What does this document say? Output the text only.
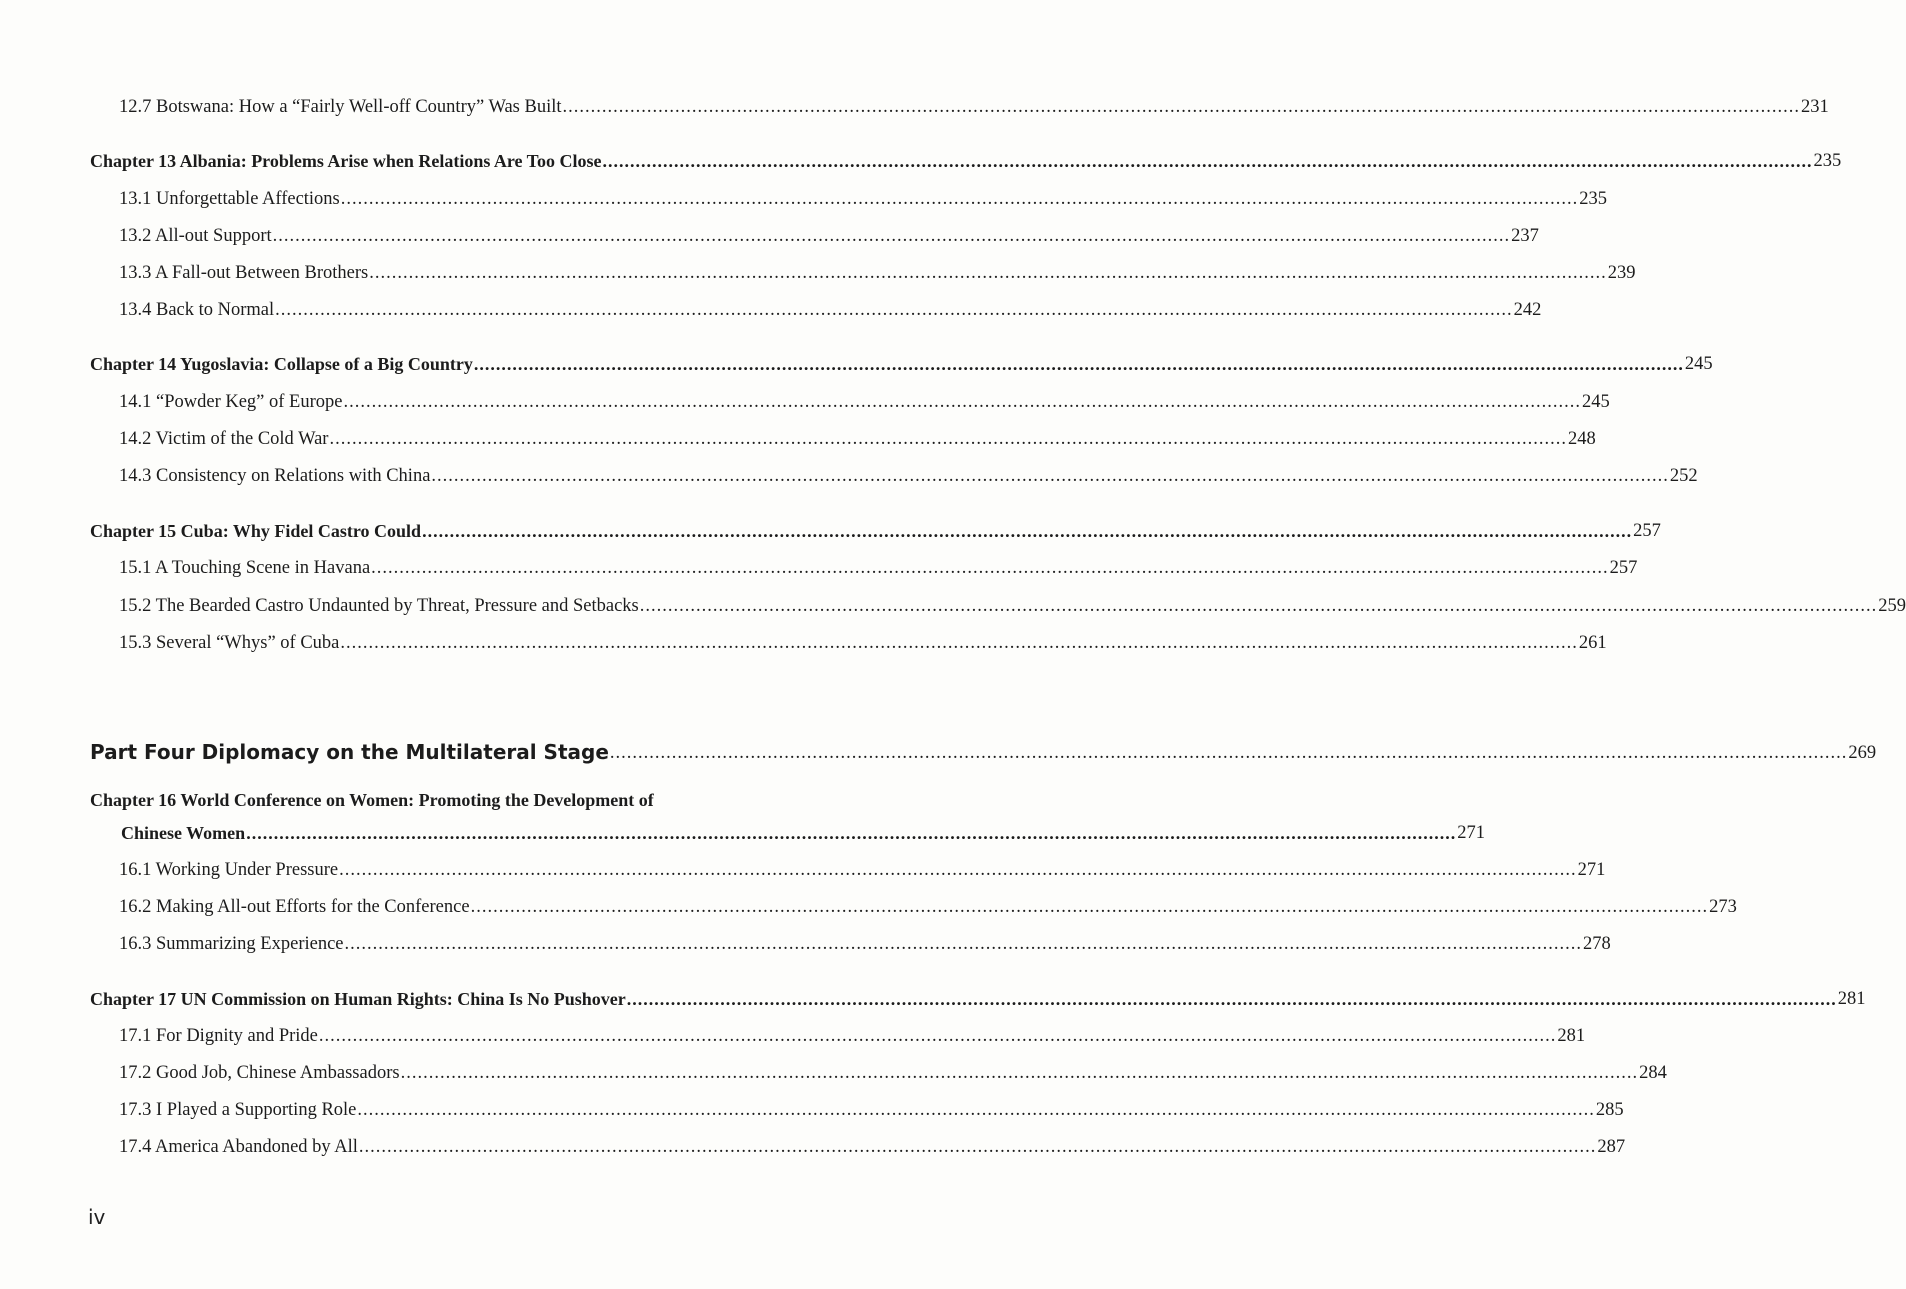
12.7 Botswana: How a “Fairly Well-off Country” Was Built ............................................................................................................................................................................................................................ 231
Chapter 13 Albania: Problems Arise when Relations Are Too Close ............................................................................................................................................................................................................................ 235
13.1 Unforgettable Affections ............................................................................................................................................................................................................................ 235
13.2 All-out Support ............................................................................................................................................................................................................................ 237
13.3 A Fall-out Between Brothers ............................................................................................................................................................................................................................ 239
13.4 Back to Normal ............................................................................................................................................................................................................................ 242
Chapter 14 Yugoslavia: Collapse of a Big Country ............................................................................................................................................................................................................................ 245
14.1 “Powder Keg” of Europe ............................................................................................................................................................................................................................ 245
14.2 Victim of the Cold War ............................................................................................................................................................................................................................ 248
14.3 Consistency on Relations with China ............................................................................................................................................................................................................................ 252
Chapter 15 Cuba: Why Fidel Castro Could ............................................................................................................................................................................................................................ 257
15.1 A Touching Scene in Havana ............................................................................................................................................................................................................................ 257
15.2 The Bearded Castro Undaunted by Threat, Pressure and Setbacks ............................................................................................................................................................................................................................ 259
15.3 Several “Whys” of Cuba ............................................................................................................................................................................................................................ 261
Part Four Diplomacy on the Multilateral Stage ............................................................................................................................................................................................................................ 269
Chinese Women ............................................................................................................................................................................................................................ 271
16.1 Working Under Pressure ............................................................................................................................................................................................................................ 271
16.2 Making All-out Efforts for the Conference ............................................................................................................................................................................................................................ 273
16.3 Summarizing Experience ............................................................................................................................................................................................................................ 278
Chapter 17 UN Commission on Human Rights: China Is No Pushover ............................................................................................................................................................................................................................ 281
17.1 For Dignity and Pride ............................................................................................................................................................................................................................ 281
17.2 Good Job, Chinese Ambassadors ............................................................................................................................................................................................................................ 284
17.3 I Played a Supporting Role ............................................................................................................................................................................................................................ 285
17.4 America Abandoned by All ............................................................................................................................................................................................................................ 287
Chapter 16 World Conference on Women: Promoting the Development of
iv
